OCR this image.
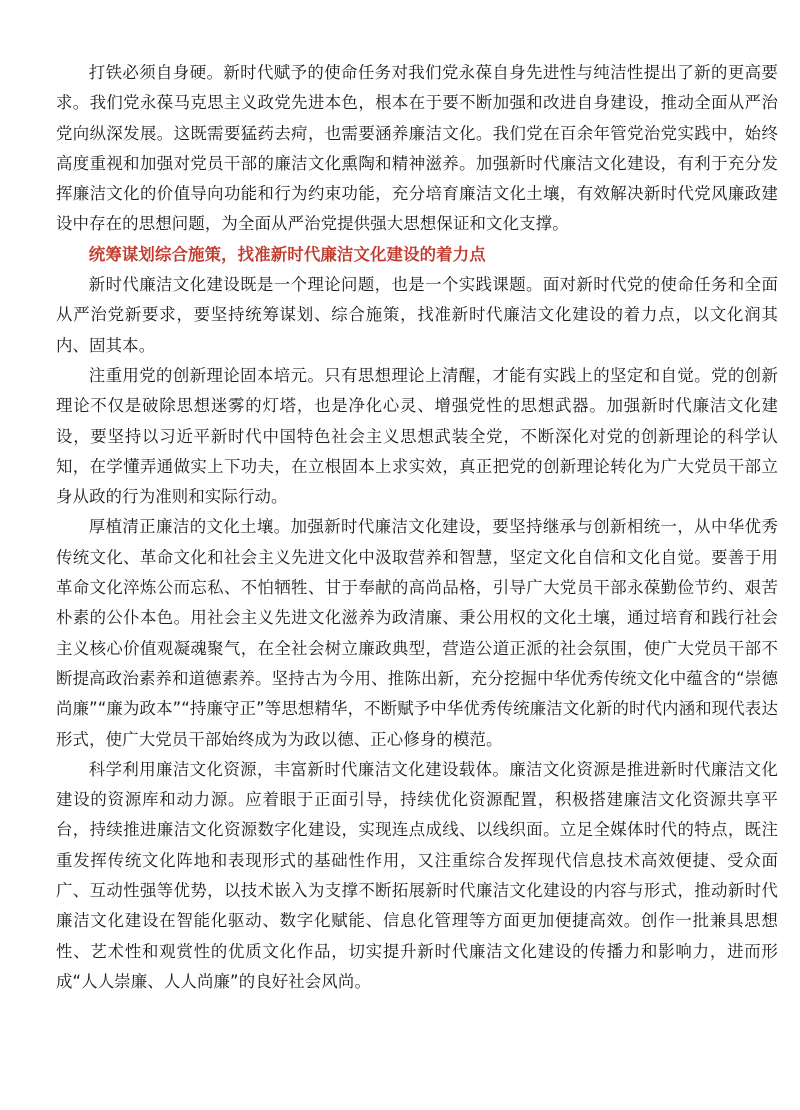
打铁必须自身硬。新时代赋予的使命任务对我们党永葆自身先进性与纯洁性提出了新的更高要求。我们党永葆马克思主义政党先进本色，根本在于要不断加强和改进自身建设，推动全面从严治党向纵深发展。这既需要猛药去疴，也需要涵养廉洁文化。我们党在百余年管党治党实践中，始终高度重视和加强对党员干部的廉洁文化熏陶和精神滋养。加强新时代廉洁文化建设，有利于充分发挥廉洁文化的价值导向功能和行为约束功能，充分培育廉洁文化土壤，有效解决新时代党风廉政建设中存在的思想问题，为全面从严治党提供强大思想保证和文化支撑。

统筹谋划综合施策，找准新时代廉洁文化建设的着力点

新时代廉洁文化建设既是一个理论问题，也是一个实践课题。面对新时代党的使命任务和全面从严治党新要求，要坚持统筹谋划、综合施策，找准新时代廉洁文化建设的着力点，以文化润其内、固其本。

注重用党的创新理论固本培元。只有思想理论上清醒，才能有实践上的坚定和自觉。党的创新理论不仅是破除思想迷雾的灯塔，也是净化心灵、增强党性的思想武器。加强新时代廉洁文化建设，要坚持以习近平新时代中国特色社会主义思想武装全党，不断深化对党的创新理论的科学认知，在学懂弄通做实上下功夫，在立根固本上求实效，真正把党的创新理论转化为广大党员干部立身从政的行为准则和实际行动。

厚植清正廉洁的文化土壤。加强新时代廉洁文化建设，要坚持继承与创新相统一，从中华优秀传统文化、革命文化和社会主义先进文化中汲取营养和智慧，坚定文化自信和文化自觉。要善于用革命文化淬炼公而忘私、不怕牺牲、甘于奉献的高尚品格，引导广大党员干部永葆勤俭节约、艰苦朴素的公仆本色。用社会主义先进文化滋养为政清廉、秉公用权的文化土壤，通过培育和践行社会主义核心价值观凝魂聚气，在全社会树立廉政典型，营造公道正派的社会氛围，使广大党员干部不断提高政治素养和道德素养。坚持古为今用、推陈出新，充分挖掘中华优秀传统文化中蕴含的“崇德尚廉”“廉为政本”“持廉守正”等思想精华，不断赋予中华优秀传统廉洁文化新的时代内涵和现代表达形式，使广大党员干部始终成为为政以德、正心修身的模范。

科学利用廉洁文化资源，丰富新时代廉洁文化建设载体。廉洁文化资源是推进新时代廉洁文化建设的资源库和动力源。应着眼于正面引导，持续优化资源配置，积极搭建廉洁文化资源共享平台，持续推进廉洁文化资源数字化建设，实现连点成线、以线织面。立足全媒体时代的特点，既注重发挥传统文化阵地和表现形式的基础性作用，又注重综合发挥现代信息技术高效便捷、受众面广、互动性强等优势，以技术嵌入为支撑不断拓展新时代廉洁文化建设的内容与形式，推动新时代廉洁文化建设在智能化驱动、数字化赋能、信息化管理等方面更加便捷高效。创作一批兼具思想性、艺术性和观赏性的优质文化作品，切实提升新时代廉洁文化建设的传播力和影响力，进而形成“人人崇廉、人人尚廉”的良好社会风尚。
